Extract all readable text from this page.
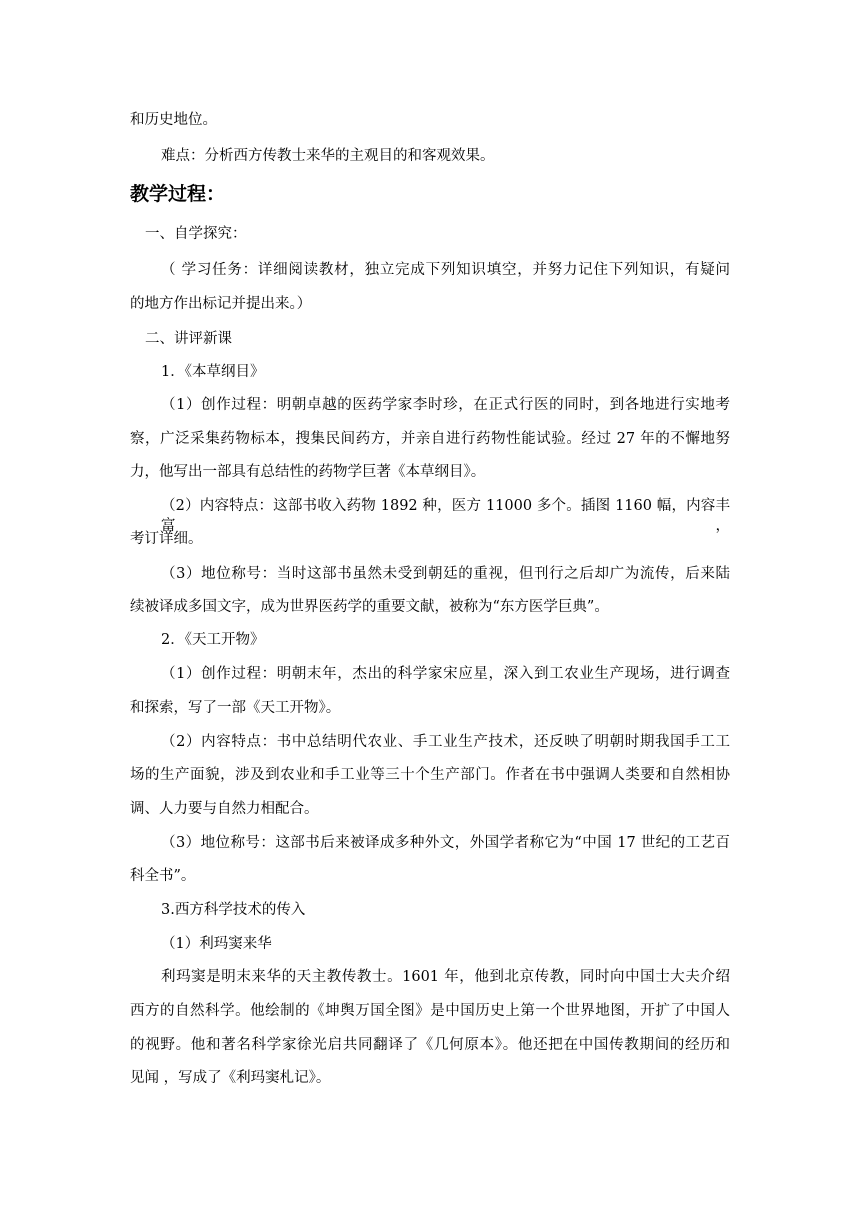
和历史地位。
难点：分析西方传教士来华的主观目的和客观效果。
教学过程：
一、自学探究：
（ 学习任务：详细阅读教材，独立完成下列知识填空，并努力记住下列知识，有疑问
的地方作出标记并提出来。）
二、讲评新课
1．《本草纲目》
（1）创作过程：明朝卓越的医药学家李时珍，在正式行医的同时，到各地进行实地考
察，广泛采集药物标本，搜集民间药方，并亲自进行药物性能试验。经过 27 年的不懈地努
力，他写出一部具有总结性的药物学巨著《本草纲目》。
（2）内容特点：这部书收入药物 1892 种，医方 11000 多个。插图 1160 幅，内容丰富，
考订详细。
（3）地位称号：当时这部书虽然未受到朝廷的重视，但刊行之后却广为流传，后来陆
续被译成多国文字，成为世界医药学的重要文献，被称为“东方医学巨典”。
2．《天工开物》
（1）创作过程：明朝末年，杰出的科学家宋应星，深入到工农业生产现场，进行调查
和探索，写了一部《天工开物》。
（2）内容特点：书中总结明代农业、手工业生产技术，还反映了明朝时期我国手工工
场的生产面貌，涉及到农业和手工业等三十个生产部门。作者在书中强调人类要和自然相协
调、人力要与自然力相配合。
（3）地位称号：这部书后来被译成多种外文，外国学者称它为“中国 17 世纪的工艺百
科全书”。
3.西方科学技术的传入
（1）利玛窦来华
利玛窦是明末来华的天主教传教士。1601 年，他到北京传教，同时向中国士大夫介绍
西方的自然科学。他绘制的《坤舆万国全图》是中国历史上第一个世界地图，开扩了中国人
的视野。他和著名科学家徐光启共同翻译了《几何原本》。他还把在中国传教期间的经历和
见闻 ，写成了《利玛窦札记》。
